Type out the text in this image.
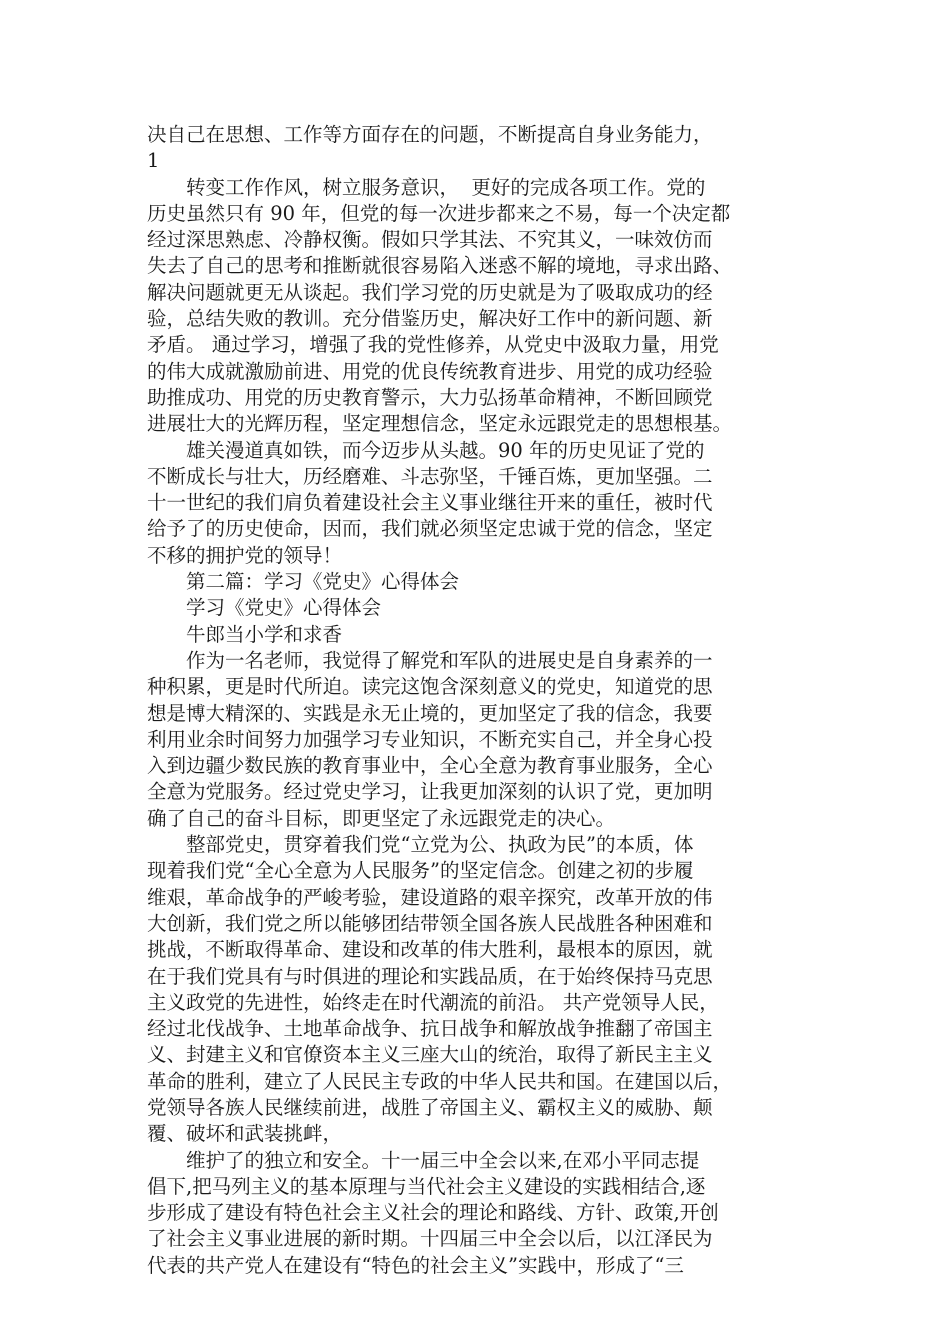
决自己在思想、工作等方面存在的问题，不断提高自身业务能力，
1
　　转变工作作风，树立服务意识，  更好的完成各项工作。党的
历史虽然只有 90 年，但党的每一次进步都来之不易，每一个决定都
经过深思熟虑、冷静权衡。假如只学其法、不究其义，一味效仿而
失去了自己的思考和推断就很容易陷入迷惑不解的境地，寻求出路、
解决问题就更无从谈起。我们学习党的历史就是为了吸取成功的经
验，总结失败的教训。充分借鉴历史，解决好工作中的新问题、新
矛盾。 通过学习，增强了我的党性修养，从党史中汲取力量，用党
的伟大成就激励前进、用党的优良传统教育进步、用党的成功经验
助推成功、用党的历史教育警示，大力弘扬革命精神，不断回顾党
进展壮大的光辉历程，坚定理想信念，坚定永远跟党走的思想根基。
　　雄关漫道真如铁，而今迈步从头越。90 年的历史见证了党的
不断成长与壮大，历经磨难、斗志弥坚，千锤百炼，更加坚强。二
十一世纪的我们肩负着建设社会主义事业继往开来的重任，被时代
给予了的历史使命，因而，我们就必须坚定忠诚于党的信念，坚定
不移的拥护党的领导！
　　第二篇：学习《党史》心得体会
　　学习《党史》心得体会
　　牛郎当小学和求香
　　作为一名老师，我觉得了解党和军队的进展史是自身素养的一
种积累，更是时代所迫。读完这饱含深刻意义的党史，知道党的思
想是博大精深的、实践是永无止境的，更加坚定了我的信念，我要
利用业余时间努力加强学习专业知识，不断充实自己，并全身心投
入到边疆少数民族的教育事业中，全心全意为教育事业服务，全心
全意为党服务。经过党史学习，让我更加深刻的认识了党，更加明
确了自己的奋斗目标，即更坚定了永远跟党走的决心。
　　整部党史，贯穿着我们党“立党为公、执政为民”的本质，体
现着我们党“全心全意为人民服务”的坚定信念。创建之初的步履
维艰，革命战争的严峻考验，建设道路的艰辛探究，改革开放的伟
大创新，我们党之所以能够团结带领全国各族人民战胜各种困难和
挑战，不断取得革命、建设和改革的伟大胜利，最根本的原因，就
在于我们党具有与时俱进的理论和实践品质，在于始终保持马克思
主义政党的先进性，始终走在时代潮流的前沿。 共产党领导人民，
经过北伐战争、土地革命战争、抗日战争和解放战争推翻了帝国主
义、封建主义和官僚资本主义三座大山的统治，取得了新民主主义
革命的胜利，建立了人民民主专政的中华人民共和国。在建国以后，
党领导各族人民继续前进，战胜了帝国主义、霸权主义的威胁、颠
覆、破坏和武装挑衅，
　　维护了的独立和安全。十一届三中全会以来,在邓小平同志提
倡下,把马列主义的基本原理与当代社会主义建设的实践相结合,逐
步形成了建设有特色社会主义社会的理论和路线、方针、政策,开创
了社会主义事业进展的新时期。十四届三中全会以后，以江泽民为
代表的共产党人在建设有“特色的社会主义”实践中，形成了“三
